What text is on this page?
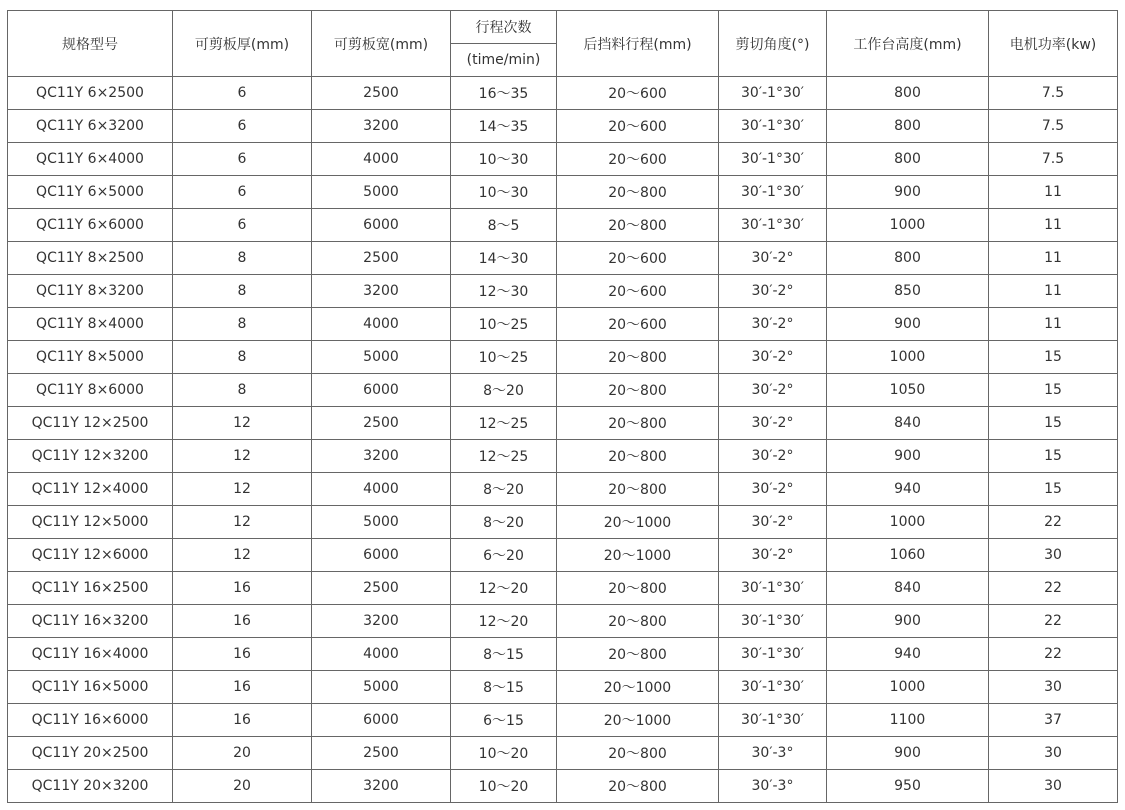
规格型号	可剪板厚(mm)	可剪板宽(mm)	行程次数	后挡料行程(mm)	剪切角度(°)	工作台高度(mm)	电机功率(kw)
			(time/min)				
QC11Y 6×2500	6	2500	16～35	20～600	30′-1°30′	800	7.5
QC11Y 6×3200	6	3200	14～35	20～600	30′-1°30′	800	7.5
QC11Y 6×4000	6	4000	10～30	20～600	30′-1°30′	800	7.5
QC11Y 6×5000	6	5000	10～30	20～800	30′-1°30′	900	11
QC11Y 6×6000	6	6000	8～5	20～800	30′-1°30′	1000	11
QC11Y 8×2500	8	2500	14～30	20～600	30′-2°	800	11
QC11Y 8×3200	8	3200	12～30	20～600	30′-2°	850	11
QC11Y 8×4000	8	4000	10～25	20～600	30′-2°	900	11
QC11Y 8×5000	8	5000	10～25	20～800	30′-2°	1000	15
QC11Y 8×6000	8	6000	8～20	20～800	30′-2°	1050	15
QC11Y 12×2500	12	2500	12～25	20～800	30′-2°	840	15
QC11Y 12×3200	12	3200	12～25	20～800	30′-2°	900	15
QC11Y 12×4000	12	4000	8～20	20～800	30′-2°	940	15
QC11Y 12×5000	12	5000	8～20	20～1000	30′-2°	1000	22
QC11Y 12×6000	12	6000	6～20	20～1000	30′-2°	1060	30
QC11Y 16×2500	16	2500	12～20	20～800	30′-1°30′	840	22
QC11Y 16×3200	16	3200	12～20	20～800	30′-1°30′	900	22
QC11Y 16×4000	16	4000	8～15	20～800	30′-1°30′	940	22
QC11Y 16×5000	16	5000	8～15	20～1000	30′-1°30′	1000	30
QC11Y 16×6000	16	6000	6～15	20～1000	30′-1°30′	1100	37
QC11Y 20×2500	20	2500	10～20	20～800	30′-3°	900	30
QC11Y 20×3200	20	3200	10～20	20～800	30′-3°	950	30
